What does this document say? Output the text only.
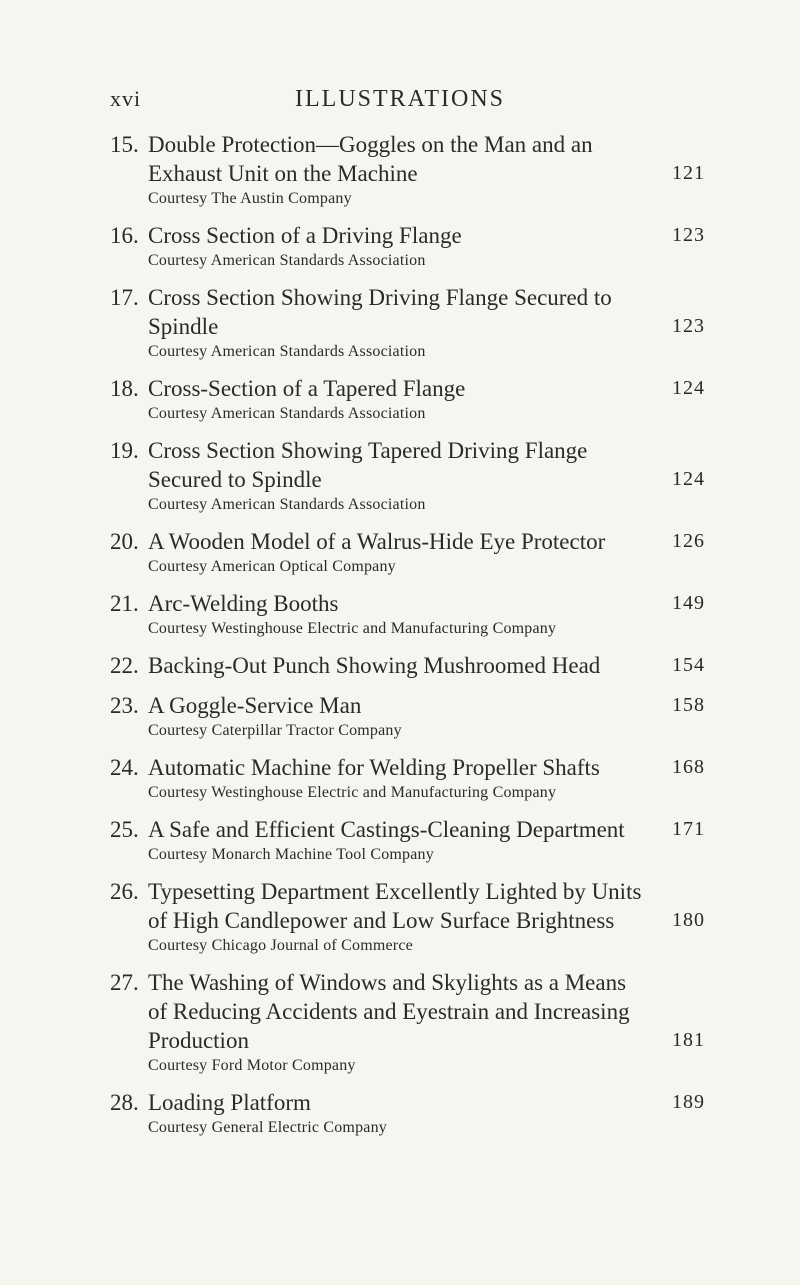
xvi	ILLUSTRATIONS
15. Double Protection—Goggles on the Man and an Exhaust Unit on the Machine	121

Courtesy The Austin Company

16. Cross Section of a Driving Flange	123

Courtesy American Standards Association

17. Cross Section Showing Driving Flange Secured to Spindle	123

Courtesy American Standards Association

18. Cross-Section of a Tapered Flange	124

Courtesy American Standards Association

19. Cross Section Showing Tapered Driving Flange Secured to Spindle	124

Courtesy American Standards Association

20. A Wooden Model of a Walrus-Hide Eye Protector	126

Courtesy American Optical Company

21. Arc-Welding Booths	149

Courtesy Westinghouse Electric and Manufacturing Company

22. Backing-Out Punch Showing Mushroomed Head	154
23. A Goggle-Service Man	158

Courtesy Caterpillar Tractor Company

24. Automatic Machine for Welding Propeller Shafts	168

Courtesy Westinghouse Electric and Manufacturing Company

25. A Safe and Efficient Castings-Cleaning Department	171

Courtesy Monarch Machine Tool Company

26. Typesetting Department Excellently Lighted by Units of High Candlepower and Low Surface Brightness	180

Courtesy Chicago Journal of Commerce

27. The Washing of Windows and Skylights as a Means of Reducing Accidents and Eyestrain and Increasing Production	181

Courtesy Ford Motor Company

28. Loading Platform	189

Courtesy General Electric Company
